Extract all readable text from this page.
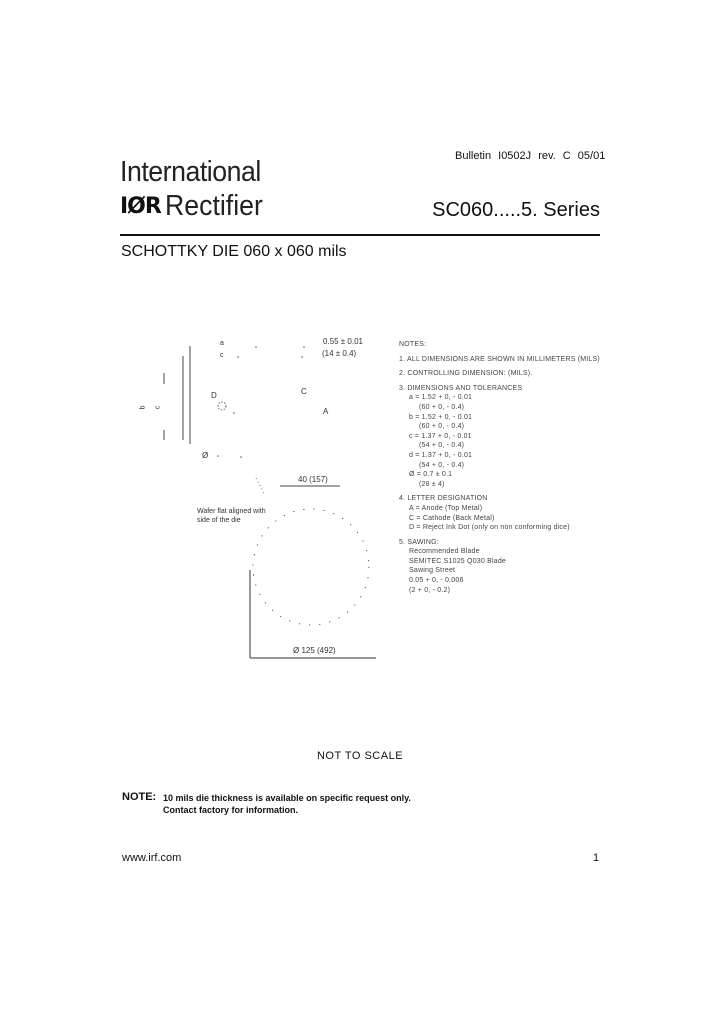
Bulletin I0502J rev. C 05/01
International
IØR Rectifier	SC060.....5. Series
SCHOTTKY DIE 060 x 060 mils
a
c
0.55 ± 0.01
(14 ± 0.4)
b c
D	C
A
Ø
40 (157)
Wafer flat aligned with
side of the die
Ø 125 (492)
NOTES:
1. ALL DIMENSIONS ARE SHOWN IN MILLIMETERS (MILS)
2. CONTROLLING DIMENSION: (MILS).
3. DIMENSIONS AND TOLERANCES
a = 1.52 + 0, - 0.01
(60 + 0, - 0.4)
b = 1.52 + 0, - 0.01
(60 + 0, - 0.4)
c = 1.37 + 0, - 0.01
(54 + 0, - 0.4)
d = 1.37 + 0, - 0.01
(54 + 0, - 0.4)
Ø = 0.7 ± 0.1
(28 ± 4)
4. LETTER DESIGNATION
A = Anode (Top Metal)
C = Cathode (Back Metal)
D = Reject Ink Dot (only on non conforming dice)
5. SAWING:
Recommended Blade
SEMITEC S1025 Q030 Blade
Sawing Street
0.05 + 0, - 0.006
(2 + 0, - 0.2)
NOT TO SCALE
NOTE: 10 mils die thickness is available on specific request only.
Contact factory for information.
www.irf.com	1
